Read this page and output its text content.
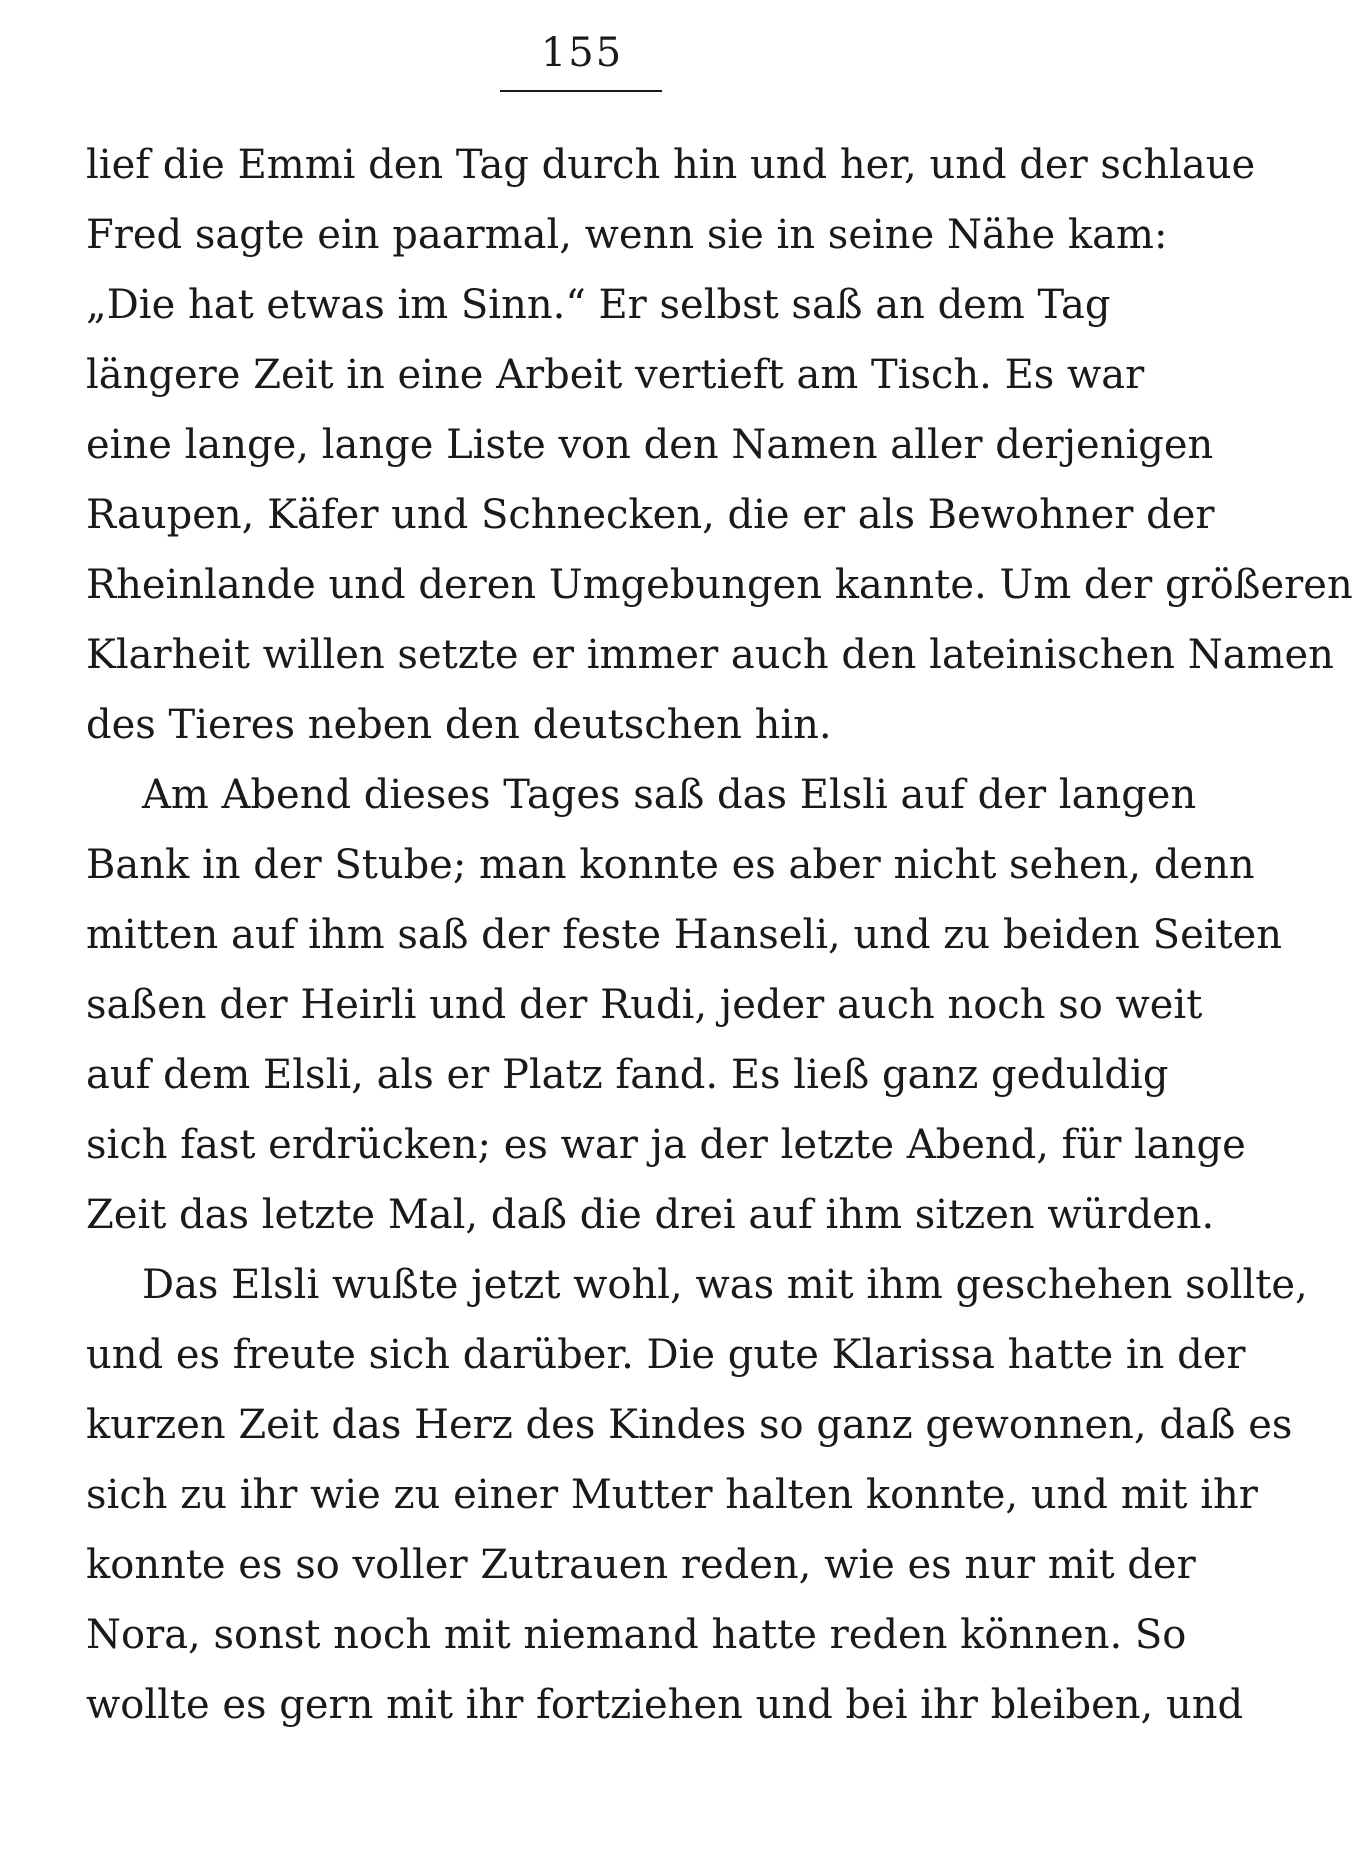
155
lief die Emmi den Tag durch hin und her, und der schlaue
Fred sagte ein paarmal, wenn sie in seine Nähe kam:
„Die hat etwas im Sinn.“ Er selbst saß an dem Tag
längere Zeit in eine Arbeit vertieft am Tisch. Es war
eine lange, lange Liste von den Namen aller derjenigen
Raupen, Käfer und Schnecken, die er als Bewohner der
Rheinlande und deren Umgebungen kannte. Um der größeren
Klarheit willen setzte er immer auch den lateinischen Namen
des Tieres neben den deutschen hin.
Am Abend dieses Tages saß das Elsli auf der langen
Bank in der Stube; man konnte es aber nicht sehen, denn
mitten auf ihm saß der feste Hanseli, und zu beiden Seiten
saßen der Heirli und der Rudi, jeder auch noch so weit
auf dem Elsli, als er Platz fand. Es ließ ganz geduldig
sich fast erdrücken; es war ja der letzte Abend, für lange
Zeit das letzte Mal, daß die drei auf ihm sitzen würden.
Das Elsli wußte jetzt wohl, was mit ihm geschehen sollte,
und es freute sich darüber. Die gute Klarissa hatte in der
kurzen Zeit das Herz des Kindes so ganz gewonnen, daß es
sich zu ihr wie zu einer Mutter halten konnte, und mit ihr
konnte es so voller Zutrauen reden, wie es nur mit der
Nora, sonst noch mit niemand hatte reden können. So
wollte es gern mit ihr fortziehen und bei ihr bleiben, und
